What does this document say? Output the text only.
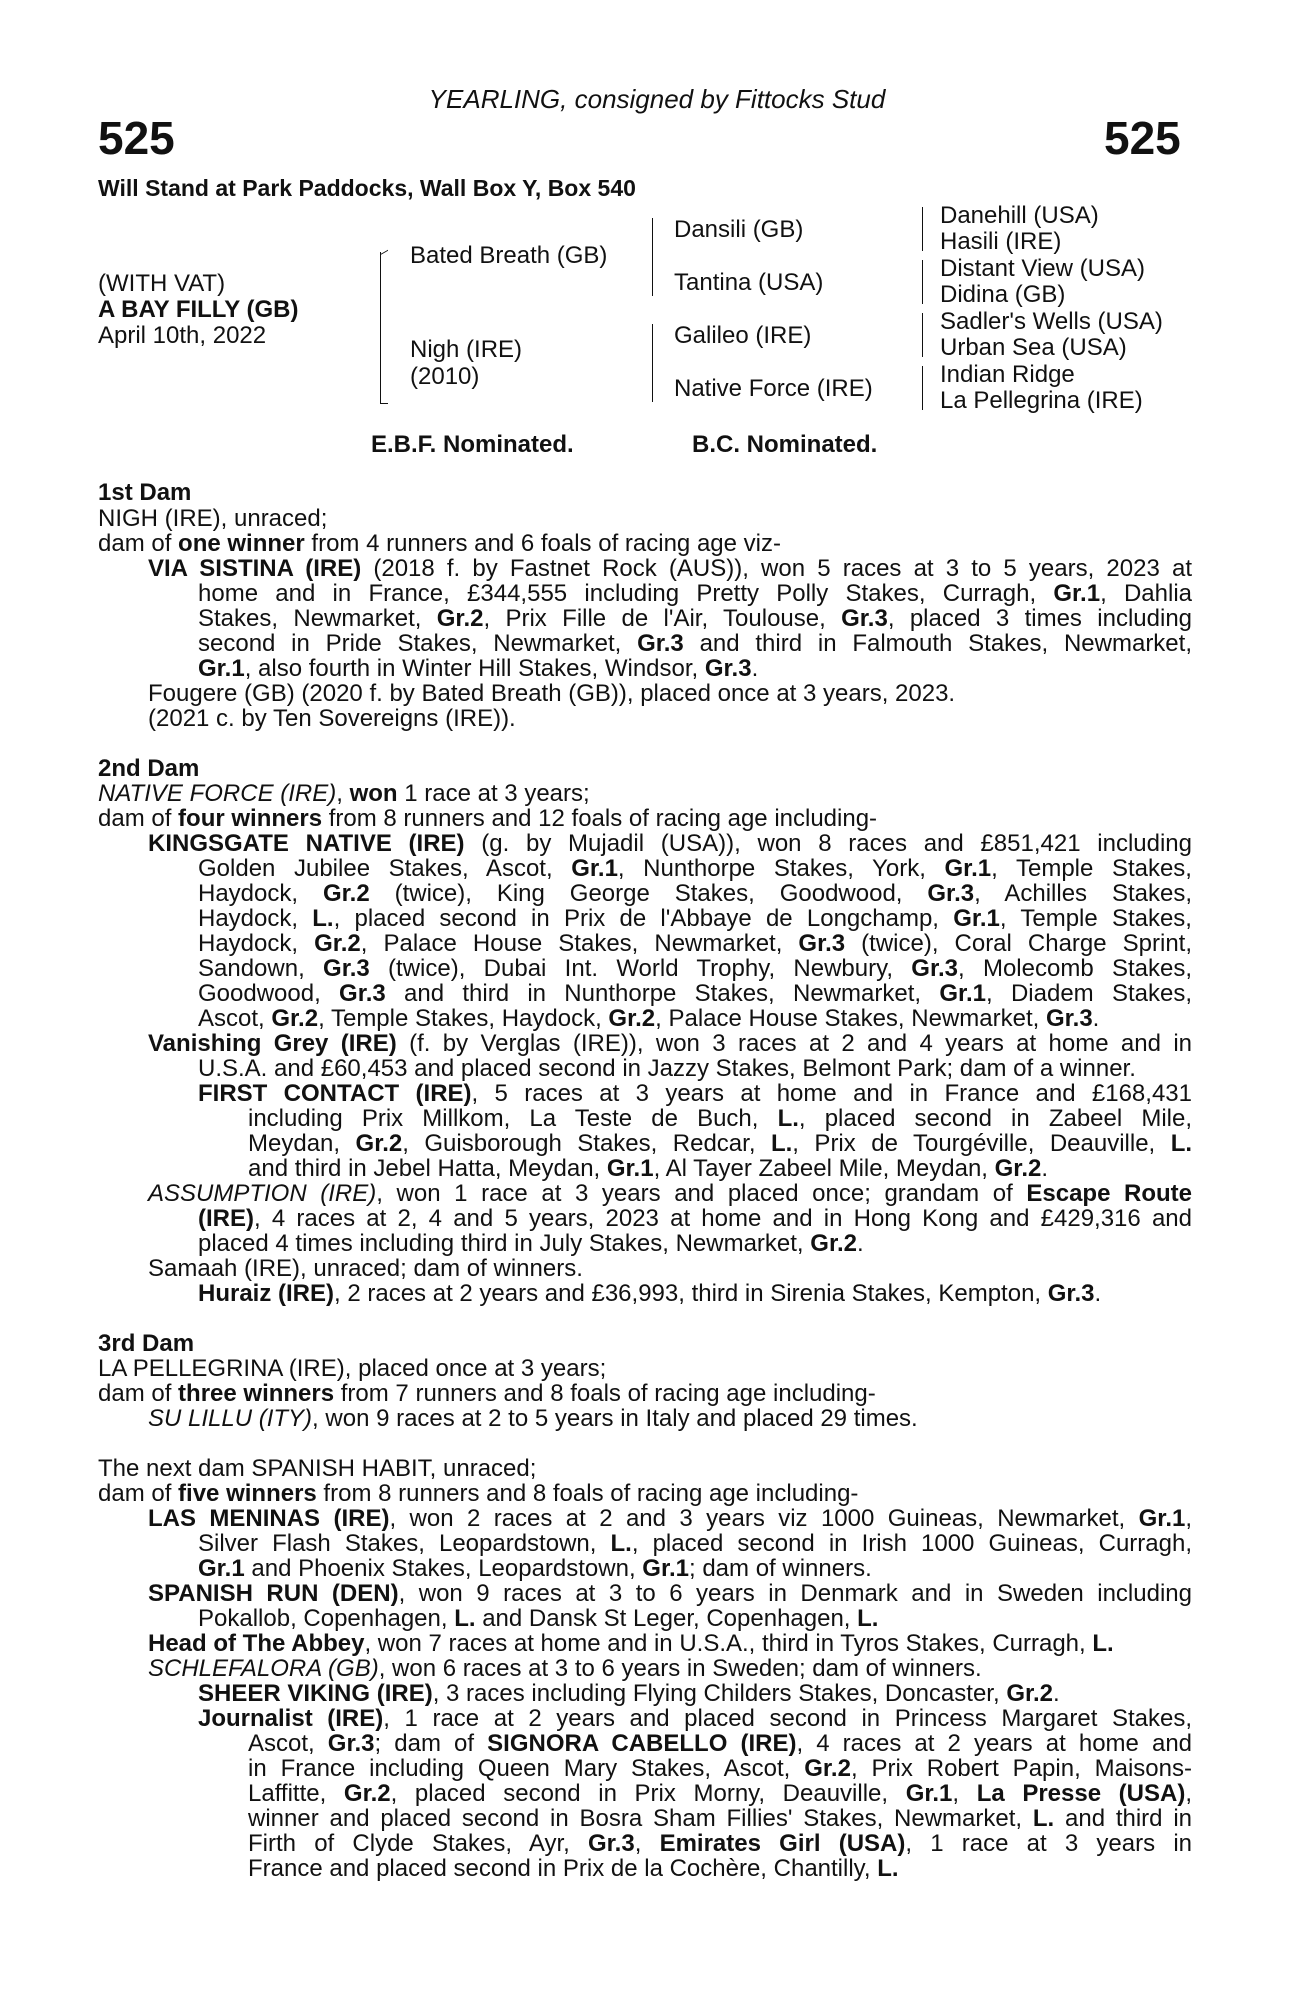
YEARLING, consigned by Fittocks Stud
525	525
Will Stand at Park Paddocks, Wall Box Y, Box 540
(WITH VAT)
A BAY FILLY (GB)
April 10th, 2022
Bated Breath (GB)
Nigh (IRE)
(2010)
Dansili (GB)
Tantina (USA)
Galileo (IRE)
Native Force (IRE)
Danehill (USA)
Hasili (IRE)
Distant View (USA)
Didina (GB)
Sadler's Wells (USA)
Urban Sea (USA)
Indian Ridge
La Pellegrina (IRE)
E.B.F. Nominated.	B.C. Nominated.
1st Dam
NIGH (IRE), unraced;
dam of one winner from 4 runners and 6 foals of racing age viz-
VIA SISTINA (IRE) (2018 f. by Fastnet Rock (AUS)), won 5 races at 3 to 5 years, 2023 at
home and in France, £344,555 including Pretty Polly Stakes, Curragh, Gr.1, Dahlia
Stakes, Newmarket, Gr.2, Prix Fille de l'Air, Toulouse, Gr.3, placed 3 times including
second in Pride Stakes, Newmarket, Gr.3 and third in Falmouth Stakes, Newmarket,
Gr.1, also fourth in Winter Hill Stakes, Windsor, Gr.3.
Fougere (GB) (2020 f. by Bated Breath (GB)), placed once at 3 years, 2023.
(2021 c. by Ten Sovereigns (IRE)).
2nd Dam
NATIVE FORCE (IRE), won 1 race at 3 years;
dam of four winners from 8 runners and 12 foals of racing age including-
KINGSGATE NATIVE (IRE) (g. by Mujadil (USA)), won 8 races and £851,421 including
Golden Jubilee Stakes, Ascot, Gr.1, Nunthorpe Stakes, York, Gr.1, Temple Stakes,
Haydock, Gr.2 (twice), King George Stakes, Goodwood, Gr.3, Achilles Stakes,
Haydock, L., placed second in Prix de l'Abbaye de Longchamp, Gr.1, Temple Stakes,
Haydock, Gr.2, Palace House Stakes, Newmarket, Gr.3 (twice), Coral Charge Sprint,
Sandown, Gr.3 (twice), Dubai Int. World Trophy, Newbury, Gr.3, Molecomb Stakes,
Goodwood, Gr.3 and third in Nunthorpe Stakes, Newmarket, Gr.1, Diadem Stakes,
Ascot, Gr.2, Temple Stakes, Haydock, Gr.2, Palace House Stakes, Newmarket, Gr.3.
Vanishing Grey (IRE) (f. by Verglas (IRE)), won 3 races at 2 and 4 years at home and in
U.S.A. and £60,453 and placed second in Jazzy Stakes, Belmont Park; dam of a winner.
FIRST CONTACT (IRE), 5 races at 3 years at home and in France and £168,431
including Prix Millkom, La Teste de Buch, L., placed second in Zabeel Mile,
Meydan, Gr.2, Guisborough Stakes, Redcar, L., Prix de Tourgéville, Deauville, L.
and third in Jebel Hatta, Meydan, Gr.1, Al Tayer Zabeel Mile, Meydan, Gr.2.
ASSUMPTION (IRE), won 1 race at 3 years and placed once; grandam of Escape Route
(IRE), 4 races at 2, 4 and 5 years, 2023 at home and in Hong Kong and £429,316 and
placed 4 times including third in July Stakes, Newmarket, Gr.2.
Samaah (IRE), unraced; dam of winners.
Huraiz (IRE), 2 races at 2 years and £36,993, third in Sirenia Stakes, Kempton, Gr.3.
3rd Dam
LA PELLEGRINA (IRE), placed once at 3 years;
dam of three winners from 7 runners and 8 foals of racing age including-
SU LILLU (ITY), won 9 races at 2 to 5 years in Italy and placed 29 times.
The next dam SPANISH HABIT, unraced;
dam of five winners from 8 runners and 8 foals of racing age including-
LAS MENINAS (IRE), won 2 races at 2 and 3 years viz 1000 Guineas, Newmarket, Gr.1,
Silver Flash Stakes, Leopardstown, L., placed second in Irish 1000 Guineas, Curragh,
Gr.1 and Phoenix Stakes, Leopardstown, Gr.1; dam of winners.
SPANISH RUN (DEN), won 9 races at 3 to 6 years in Denmark and in Sweden including
Pokallob, Copenhagen, L. and Dansk St Leger, Copenhagen, L.
Head of The Abbey, won 7 races at home and in U.S.A., third in Tyros Stakes, Curragh, L.
SCHLEFALORA (GB), won 6 races at 3 to 6 years in Sweden; dam of winners.
SHEER VIKING (IRE), 3 races including Flying Childers Stakes, Doncaster, Gr.2.
Journalist (IRE), 1 race at 2 years and placed second in Princess Margaret Stakes,
Ascot, Gr.3; dam of SIGNORA CABELLO (IRE), 4 races at 2 years at home and
in France including Queen Mary Stakes, Ascot, Gr.2, Prix Robert Papin, Maisons-
Laffitte, Gr.2, placed second in Prix Morny, Deauville, Gr.1, La Presse (USA),
winner and placed second in Bosra Sham Fillies' Stakes, Newmarket, L. and third in
Firth of Clyde Stakes, Ayr, Gr.3, Emirates Girl (USA), 1 race at 3 years in
France and placed second in Prix de la Cochère, Chantilly, L.
